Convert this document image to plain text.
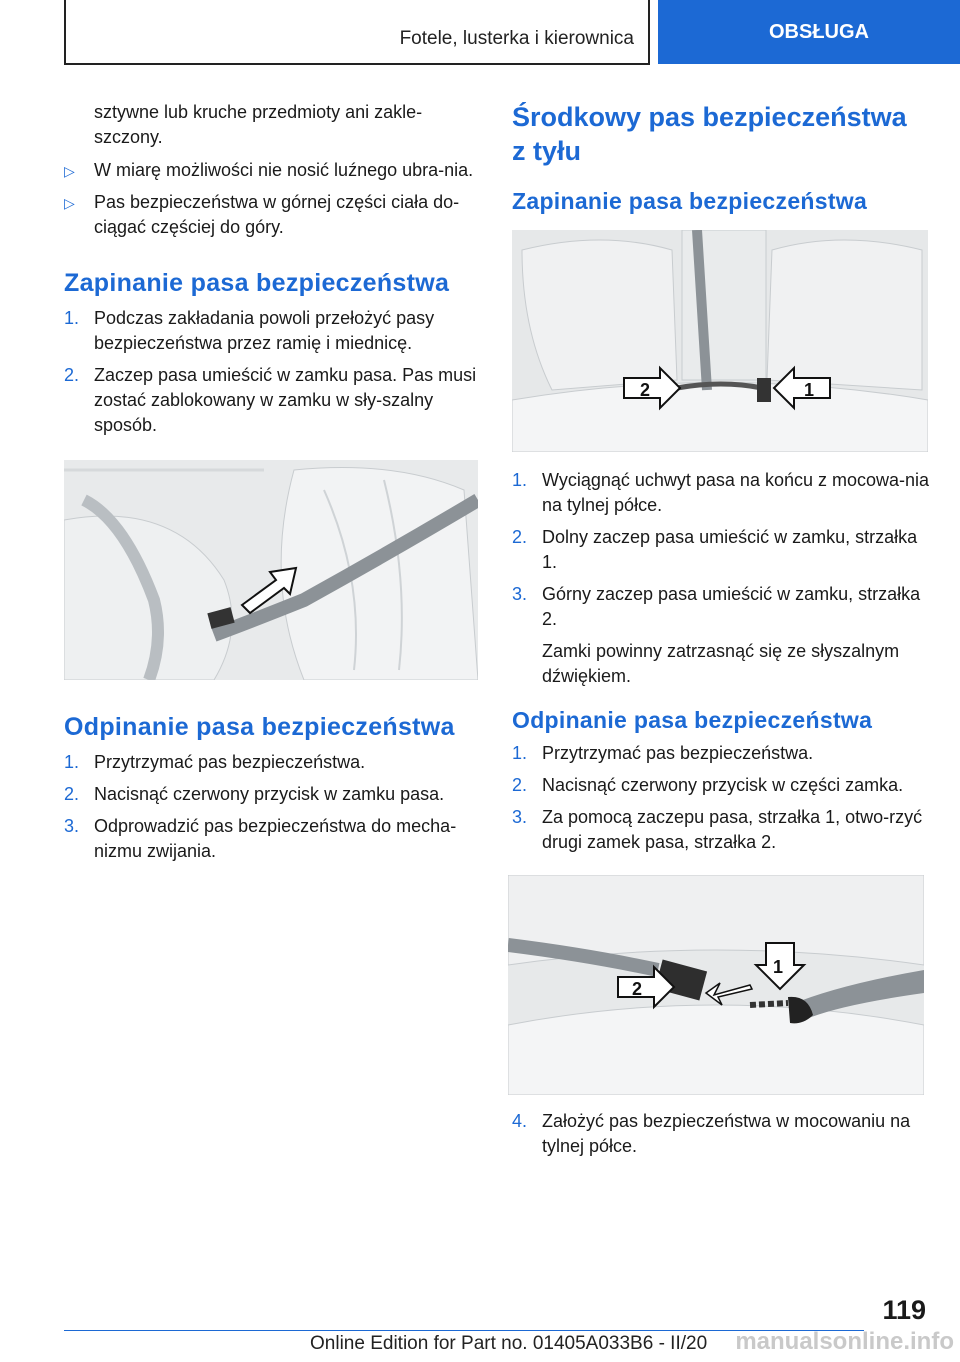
Fotele, lusterka i kierownica	OBSŁUGA

sztywne lub kruche przedmioty ani zakle-szczony.

▷ W miarę możliwości nie nosić luźnego ubra-nia.
▷ Pas bezpieczeństwa w górnej części ciała do-ciągać częściej do góry.
Zapinanie pasa bezpieczeństwa
1. Podczas zakładania powoli przełożyć pasy bezpieczeństwa przez ramię i miednicę.
2. Zaczep pasa umieścić w zamku pasa. Pas musi zostać zablokowany w zamku w sły-szalny sposób.
Odpinanie pasa bezpieczeństwa
1. Przytrzymać pas bezpieczeństwa.
2. Nacisnąć czerwony przycisk w zamku pasa.
3. Odprowadzić pas bezpieczeństwa do mecha-nizmu zwijania.
Środkowy pas bezpieczeństwa z tyłu
Zapinanie pasa bezpieczeństwa
2	1
1. Wyciągnąć uchwyt pasa na końcu z mocowa-nia na tylnej półce.
2. Dolny zaczep pasa umieścić w zamku, strzałka 1.
3. Górny zaczep pasa umieścić w zamku, strzałka 2.

Zamki powinny zatrzasnąć się ze słyszalnym dźwiękiem.

Odpinanie pasa bezpieczeństwa
1. Przytrzymać pas bezpieczeństwa.
2. Nacisnąć czerwony przycisk w części zamka.
3. Za pomocą zaczepu pasa, strzałka 1, otwo-rzyć drugi zamek pasa, strzałka 2.
1
2
4. Założyć pas bezpieczeństwa w mocowaniu na tylnej półce.
119
Online Edition for Part no. 01405A033B6 - II/20	manualsonline.info
